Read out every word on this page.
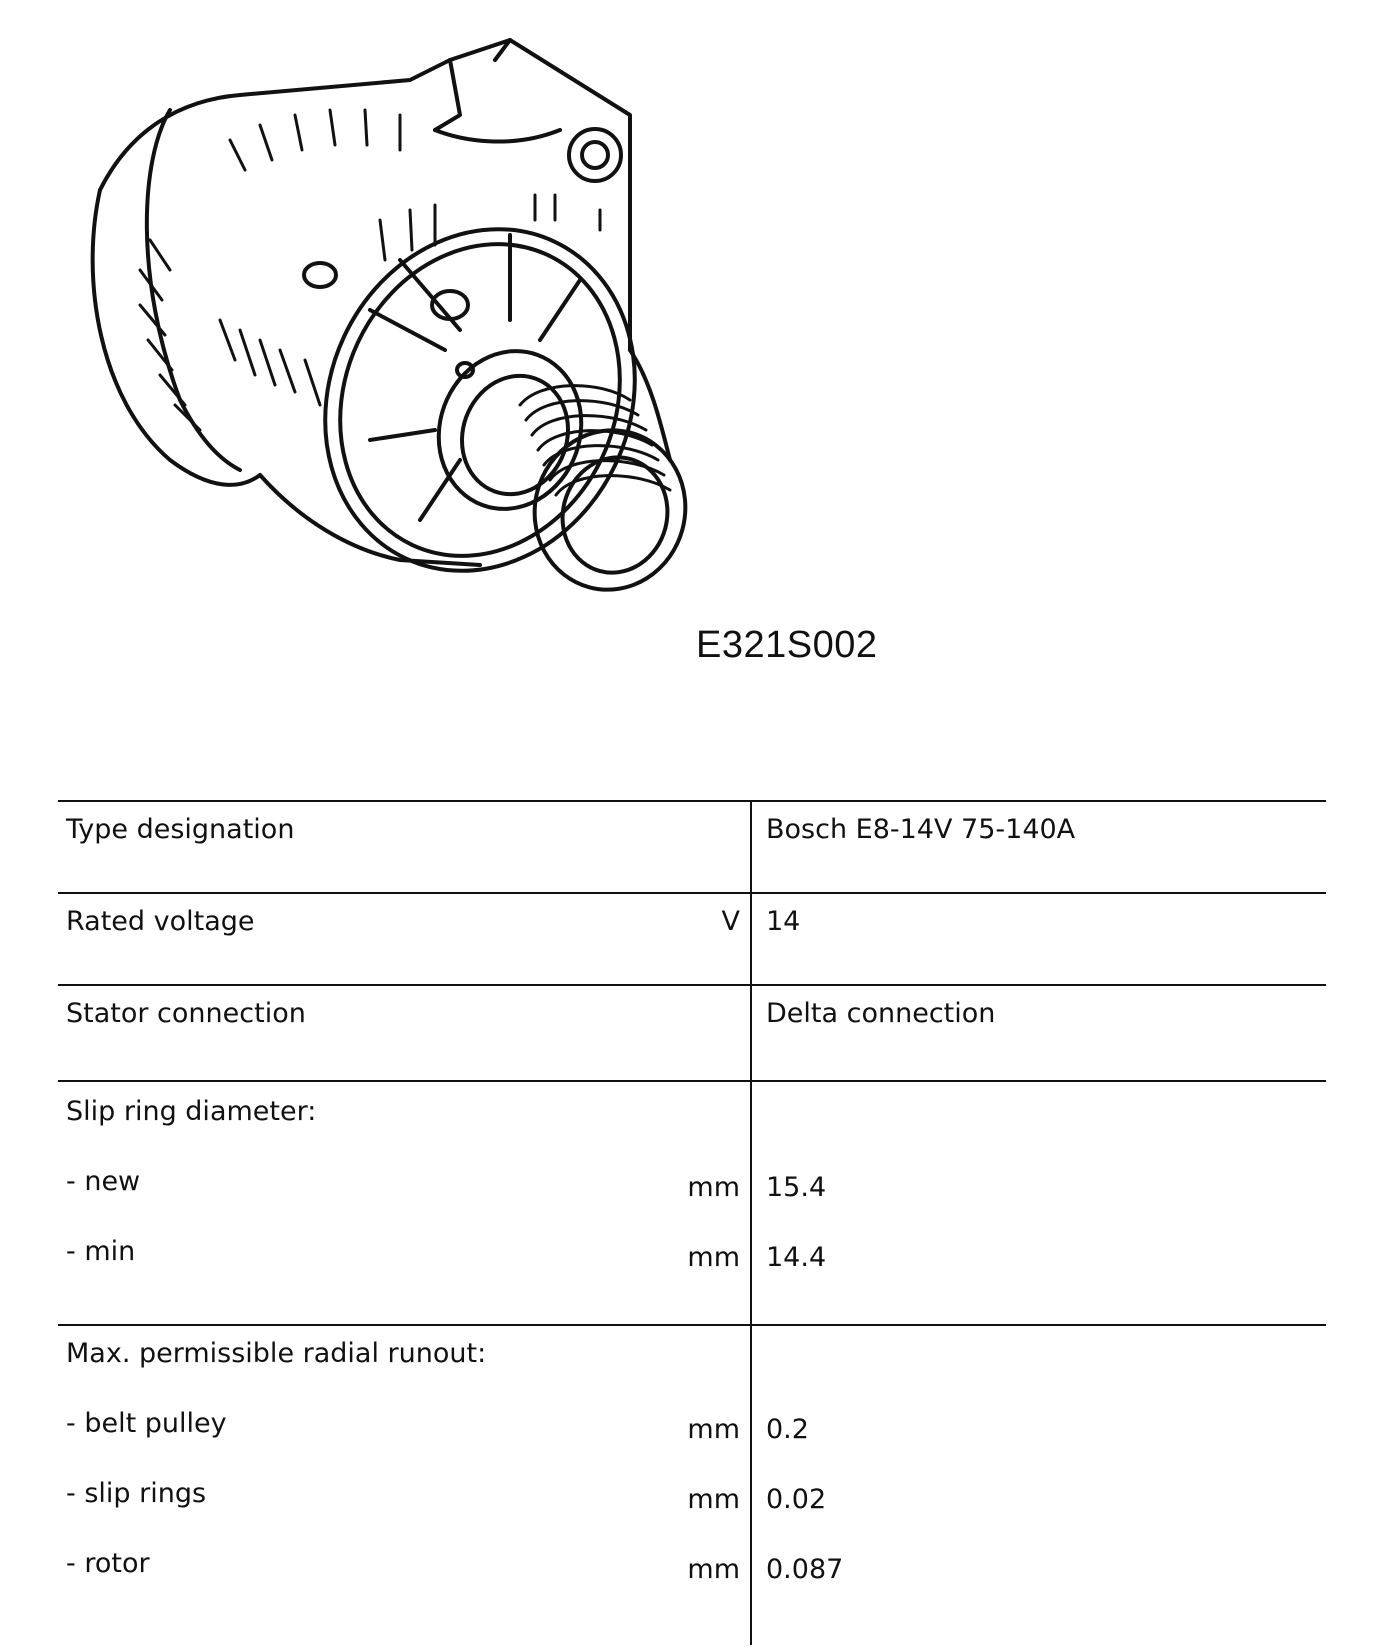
E321S002
Type designation	Bosch E8-14V 75-140A
Rated voltage	V 14
Stator connection	Delta connection
Slip ring diameter:
- new	mm 15.4
- min	mm 14.4
Max. permissible radial runout:
- belt pulley	mm 0.2
- slip rings	mm 0.02
- rotor	mm 0.087
